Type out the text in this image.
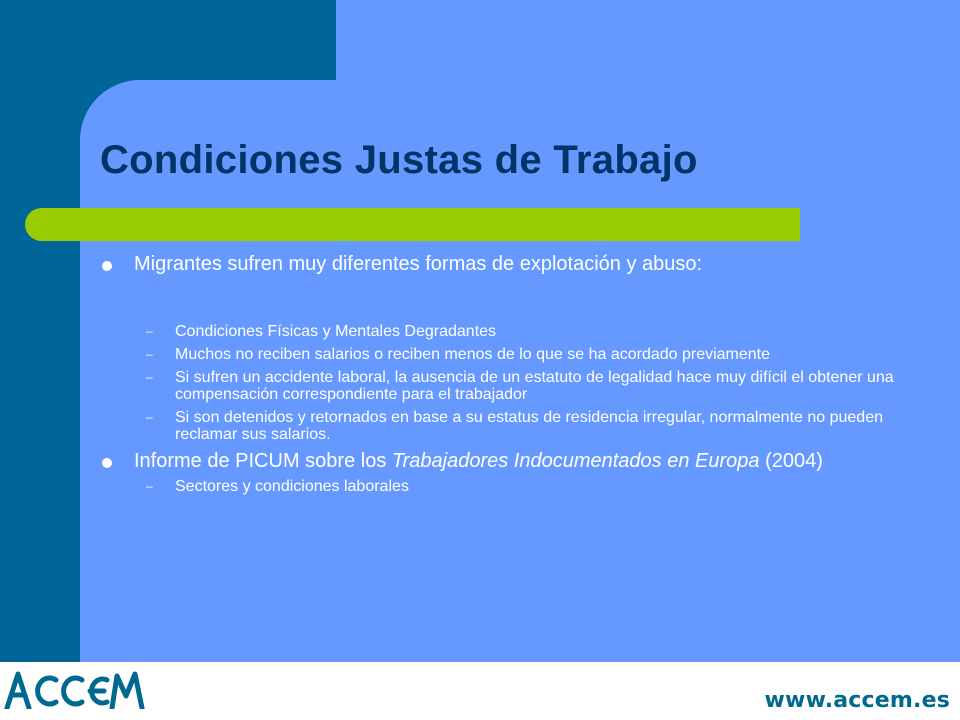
Condiciones Justas de Trabajo
Migrantes sufren muy diferentes formas de explotación y abuso:
– Condiciones Físicas y Mentales Degradantes
– Muchos no reciben salarios o reciben menos de lo que se ha acordado previamente
– Si sufren un accidente laboral, la ausencia de un estatuto de legalidad hace muy difícil el obtener una compensación correspondiente para el trabajador
– Si son detenidos y retornados en base a su estatus de residencia irregular, normalmente no pueden reclamar sus salarios.
Informe de PICUM sobre los Trabajadores Indocumentados en Europa (2004)
– Sectores y condiciones laborales
www.accem.es
